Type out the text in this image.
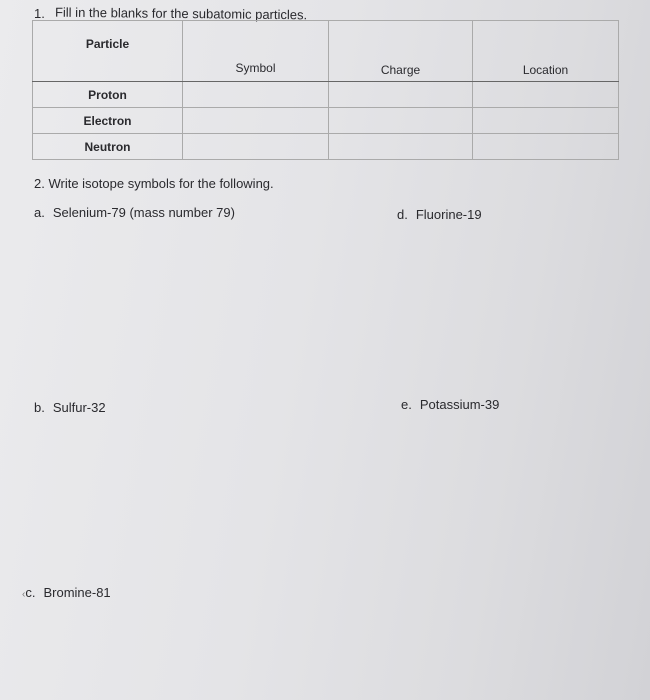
1. Fill in the blanks for the subatomic particles.
Particle	Symbol	Charge	Location
Proton			
Electron			
Neutron			
2. Write isotope symbols for the following.
a. Selenium-79 (mass number 79)	d. Fluorine-19
b. Sulfur-32	e. Potassium-39
‹c. Bromine-81
